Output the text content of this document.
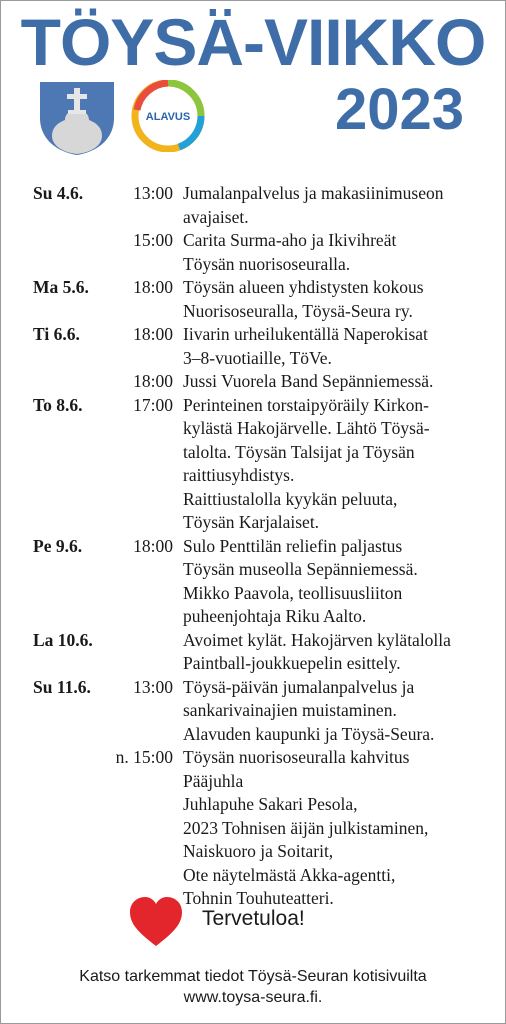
TÖYSÄ-VIIKKO
2023
ALAVUS
Su 4.6.	13:00 Jumalanpalvelus ja makasiinimuseon
avajaiset.
15:00 Carita Surma-aho ja Ikivihreät
Töysän nuorisoseuralla.
Ma 5.6.	18:00 Töysän alueen yhdistysten kokous
Nuorisoseuralla, Töysä-Seura ry.
Ti 6.6.	18:00 Iivarin urheilukentällä Naperokisat
3–8-vuotiaille, TöVe.
18:00 Jussi Vuorela Band Sepänniemessä.
To 8.6.	17:00 Perinteinen torstaipyöräily Kirkon-
kylästä Hakojärvelle. Lähtö Töysä-
talolta. Töysän Talsijat ja Töysän
raittiusyhdistys.
Raittiustalolla kyykän peluuta,
Töysän Karjalaiset.
Pe 9.6.	18:00 Sulo Penttilän reliefin paljastus
Töysän museolla Sepänniemessä.
Mikko Paavola, teollisuusliiton
puheenjohtaja Riku Aalto.
La 10.6.	Avoimet kylät. Hakojärven kylätalolla
Paintball-joukkuepelin esittely.
Su 11.6.	13:00 Töysä-päivän jumalanpalvelus ja
sankarivainajien muistaminen.
Alavuden kaupunki ja Töysä-Seura.
n. 15:00 Töysän nuorisoseuralla kahvitus
Pääjuhla
Juhlapuhe Sakari Pesola,
2023 Tohnisen äijän julkistaminen,
Naiskuoro ja Soitarit,
Ote näytelmästä Akka-agentti,
Tohnin Touhuteatteri.
Tervetuloa!
Katso tarkemmat tiedot Töysä-Seuran kotisivuilta
www.toysa-seura.fi.
